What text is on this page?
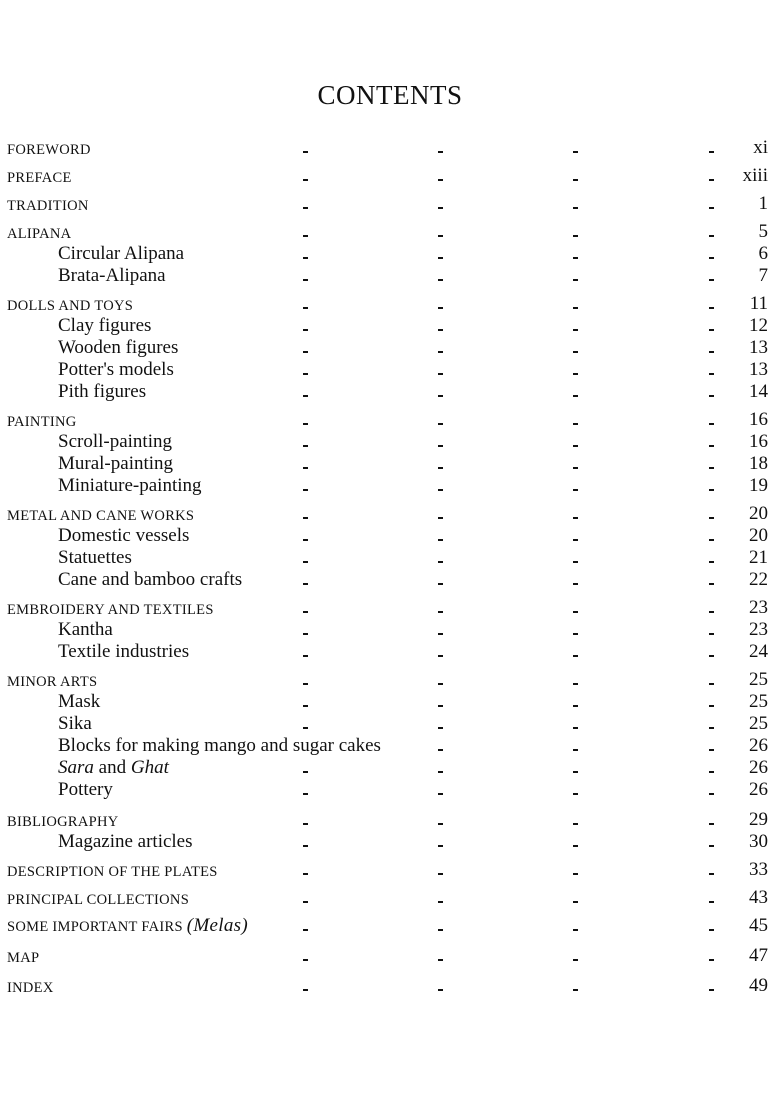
CONTENTS
FOREWORD	xi
PREFACE	xiii
TRADITION	1
ALIPANA	5
Circular Alipana	6
Brata-Alipana	7
DOLLS AND TOYS	11
Clay figures	12
Wooden figures	13
Potter's models	13
Pith figures	14
PAINTING	16
Scroll-painting	16
Mural-painting	18
Miniature-painting	19
METAL AND CANE WORKS	20
Domestic vessels	20
Statuettes	21
Cane and bamboo crafts	22
EMBROIDERY AND TEXTILES	23
Kantha	23
Textile industries	24
MINOR ARTS	25
Mask	25
Sika	25
Blocks for making mango and sugar cakes	26
Sara and Ghat	26
Pottery	26
BIBLIOGRAPHY	29
Magazine articles	30
DESCRIPTION OF THE PLATES	33
PRINCIPAL COLLECTIONS	43
SOME IMPORTANT FAIRS (Melas)	45
MAP	47
INDEX	49
